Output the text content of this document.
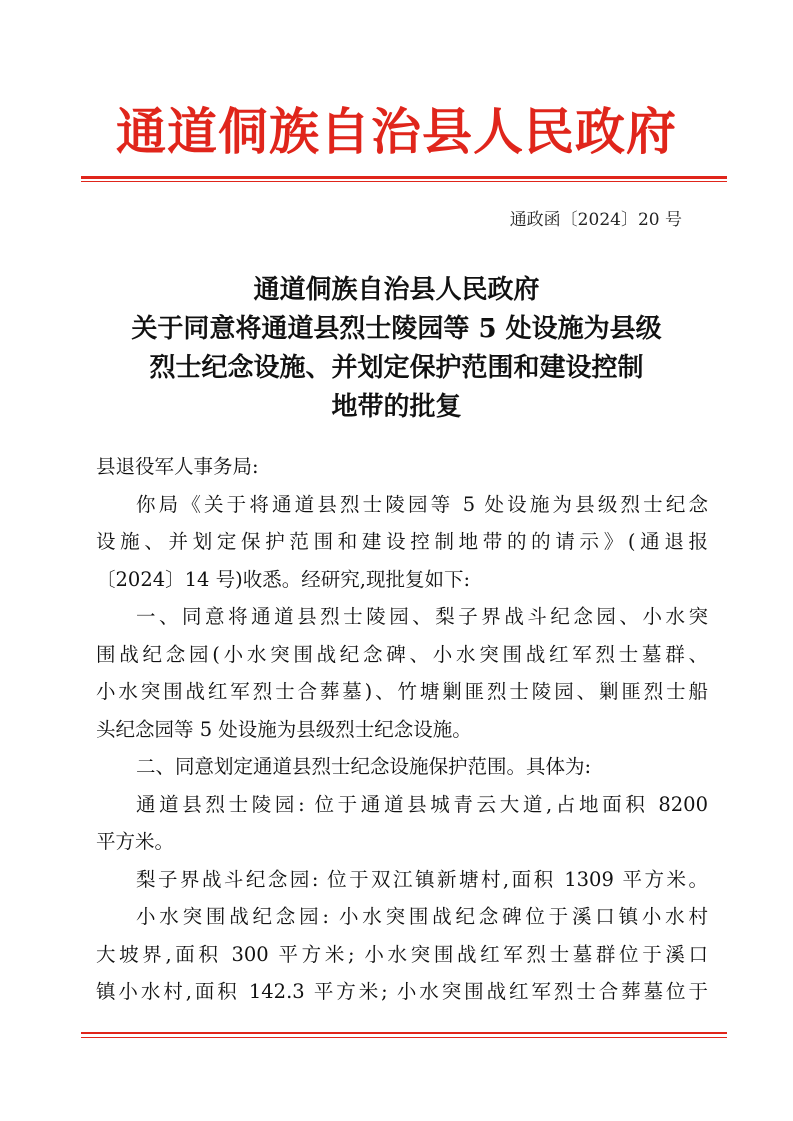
通道侗族自治县人民政府
通政函〔2024〕20 号
通道侗族自治县人民政府
关于同意将通道县烈士陵园等 5 处设施为县级
烈士纪念设施、并划定保护范围和建设控制
地带的批复
县退役军人事务局:
你局《关于将通道县烈士陵园等 5 处设施为县级烈士纪念
设施、并划定保护范围和建设控制地带的的请示》(通退报
〔2024〕14 号)收悉。经研究,现批复如下:
一、同意将通道县烈士陵园、梨子界战斗纪念园、小水突
围战纪念园(小水突围战纪念碑、小水突围战红军烈士墓群、
小水突围战红军烈士合葬墓)、竹塘剿匪烈士陵园、剿匪烈士船
头纪念园等 5 处设施为县级烈士纪念设施。
二、同意划定通道县烈士纪念设施保护范围。具体为:
通道县烈士陵园: 位于通道县城青云大道,占地面积 8200
平方米。
梨子界战斗纪念园: 位于双江镇新塘村,面积 1309 平方米。
小水突围战纪念园: 小水突围战纪念碑位于溪口镇小水村
大坡界,面积 300 平方米; 小水突围战红军烈士墓群位于溪口
镇小水村,面积 142.3 平方米; 小水突围战红军烈士合葬墓位于
